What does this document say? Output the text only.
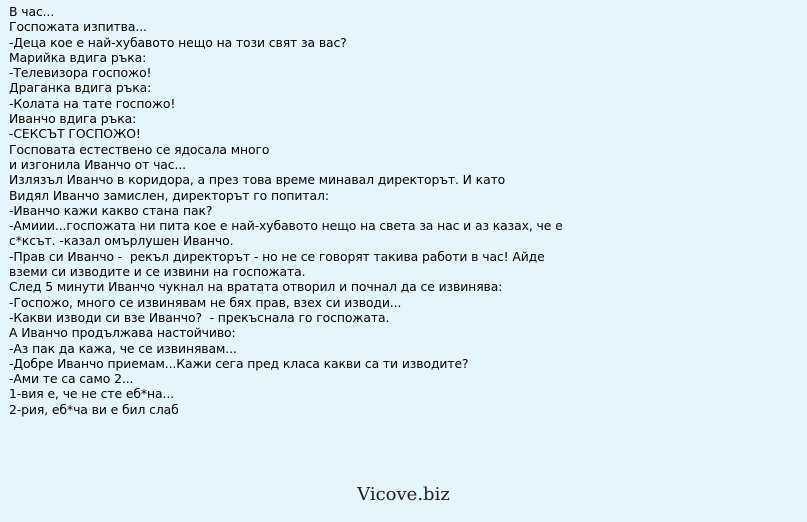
В час...
Госпожата изпитва...
-Деца кое е най-хубавото нещо на този свят за вас?
Марийка вдига ръка:
-Телевизора госпожо!
Драганка вдига ръка:
-Колата на тате госпожо!
Иванчо вдига ръка:
-СЕКСЪТ ГОСПОЖО!
Госповата естествено се ядосала много
и изгонила Иванчо от час...
Излязъл Иванчо в коридора, а през това време минавал директорът. И като
Видял Иванчо замислен, директорът го попитал:
-Иванчо кажи какво стана пак?
-Амиии...госпожата ни пита кое е най-хубавото нещо на света за нас и аз казах, че е
с*ксът. -казал омърлушен Иванчо.
-Прав си Иванчо -  рекъл директорът - но не се говорят такива работи в час! Айде
вземи си изводите и се извини на госпожата.
След 5 минути Иванчо чукнал на вратата отворил и почнал да се извинява:
-Госпожо, много се извинявам не бях прав, взех си изводи...
-Какви изводи си взе Иванчо?  - прекъснала го госпожата.
А Иванчо продължава настойчиво:
-Аз пак да кажа, че се извинявам...
-Добре Иванчо приемам...Кажи сега пред класа какви са ти изводите?
-Ами те са само 2...
1-вия е, че не сте еб*на...
2-рия, еб*ча ви е бил слаб
Vicove.biz
